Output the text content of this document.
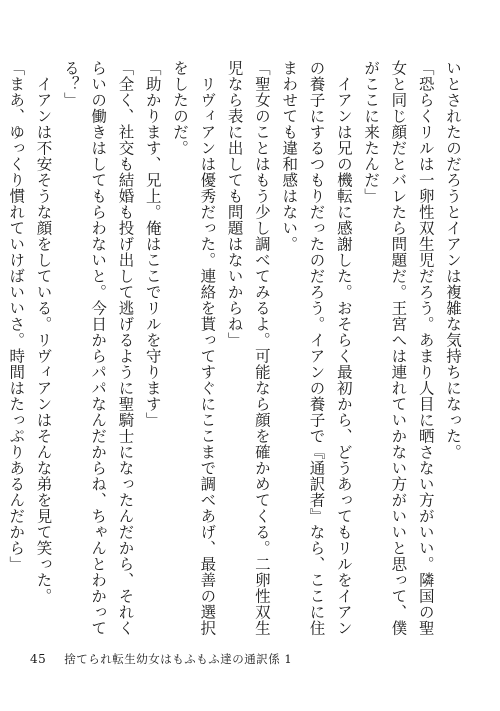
いとされたのだろうとイアンは複雑な気持ちになった。

「恐らくリルは一卵性双生児だろう。あまり人目に晒さない方がいい。隣国の聖女と同じ顔だとバレたら問題だ。王宮へは連れていかない方がいいと思って、僕がここに来たんだ」

イアンは兄の機転に感謝した。おそらく最初から、どうあってもリルをイアンの養子にするつもりだったのだろう。イアンの養子で『通訳者』なら、ここに住まわせても違和感はない。

「聖女のことはもう少し調べてみるよ。可能なら顔を確かめてくる。二卵性双生児なら表に出しても問題はないからね」

リヴィアンは優秀だった。連絡を貰ってすぐにここまで調べあげ、最善の選択をしたのだ。

「助かります、兄上。俺はここでリルを守ります」

「全く、社交も結婚も投げ出して逃げるように聖騎士になったんだから、それくらいの働きはしてもらわないと。今日からパパなんだからね、ちゃんとわかってる？」

イアンは不安そうな顔をしている。リヴィアンはそんな弟を見て笑った。

「まあ、ゆっくり慣れていけばいいさ。時間はたっぷりあるんだから」

45 捨てられ転生幼女はもふもふ達の通訳係 1
